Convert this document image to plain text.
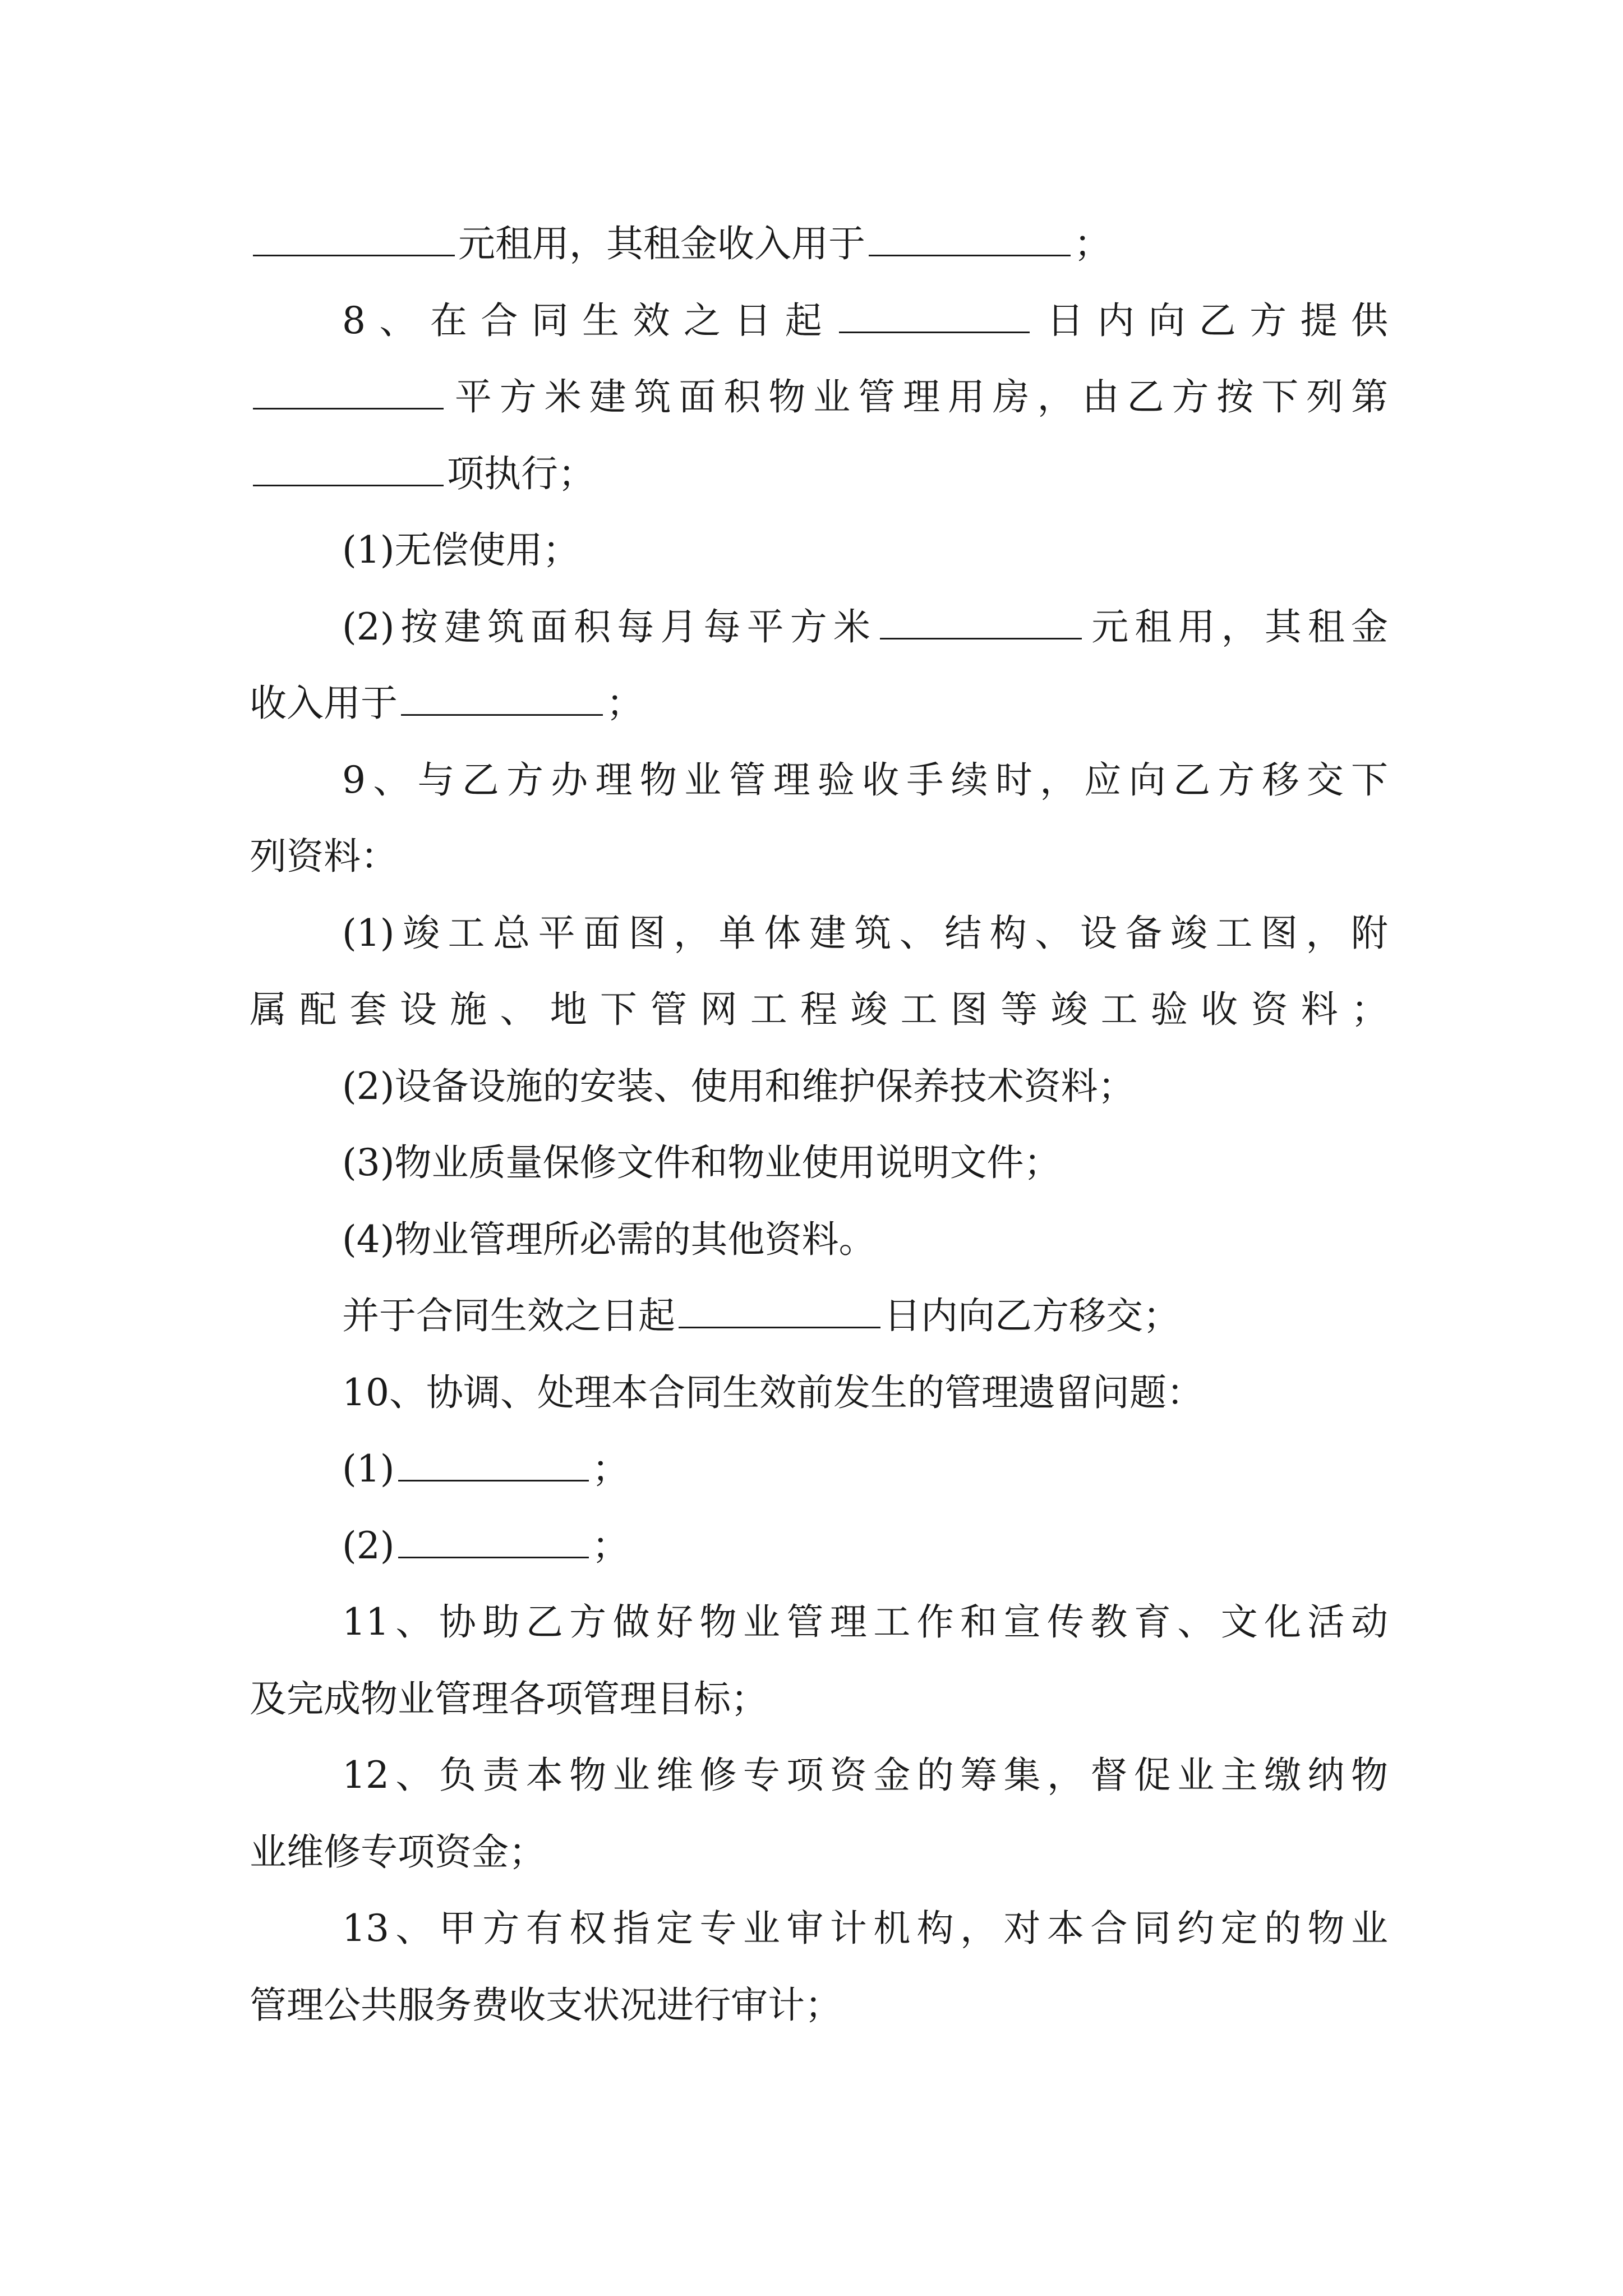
元租用，其租金收入用于	；
8、在合同生效之日起	日内向乙方提供
平方米建筑面积物业管理用房，由乙方按下列第
项执行；
(1)无偿使用；
(2)按建筑面积每月每平方米	元租用，其租金
收入用于	；
9、与乙方办理物业管理验收手续时，应向乙方移交下
列资料：
(1)竣工总平面图，单体建筑、结构、设备竣工图，附
属配套设施、地下管网工程竣工图等竣工验收资料；
(2)设备设施的安装、使用和维护保养技术资料；
(3)物业质量保修文件和物业使用说明文件；
(4)物业管理所必需的其他资料。
并于合同生效之日起	日内向乙方移交；
10、协调、处理本合同生效前发生的管理遗留问题：
(1)	；
(2)	；
11、协助乙方做好物业管理工作和宣传教育、文化活动
及完成物业管理各项管理目标；
12、负责本物业维修专项资金的筹集，督促业主缴纳物
业维修专项资金；
13、甲方有权指定专业审计机构，对本合同约定的物业
管理公共服务费收支状况进行审计；
